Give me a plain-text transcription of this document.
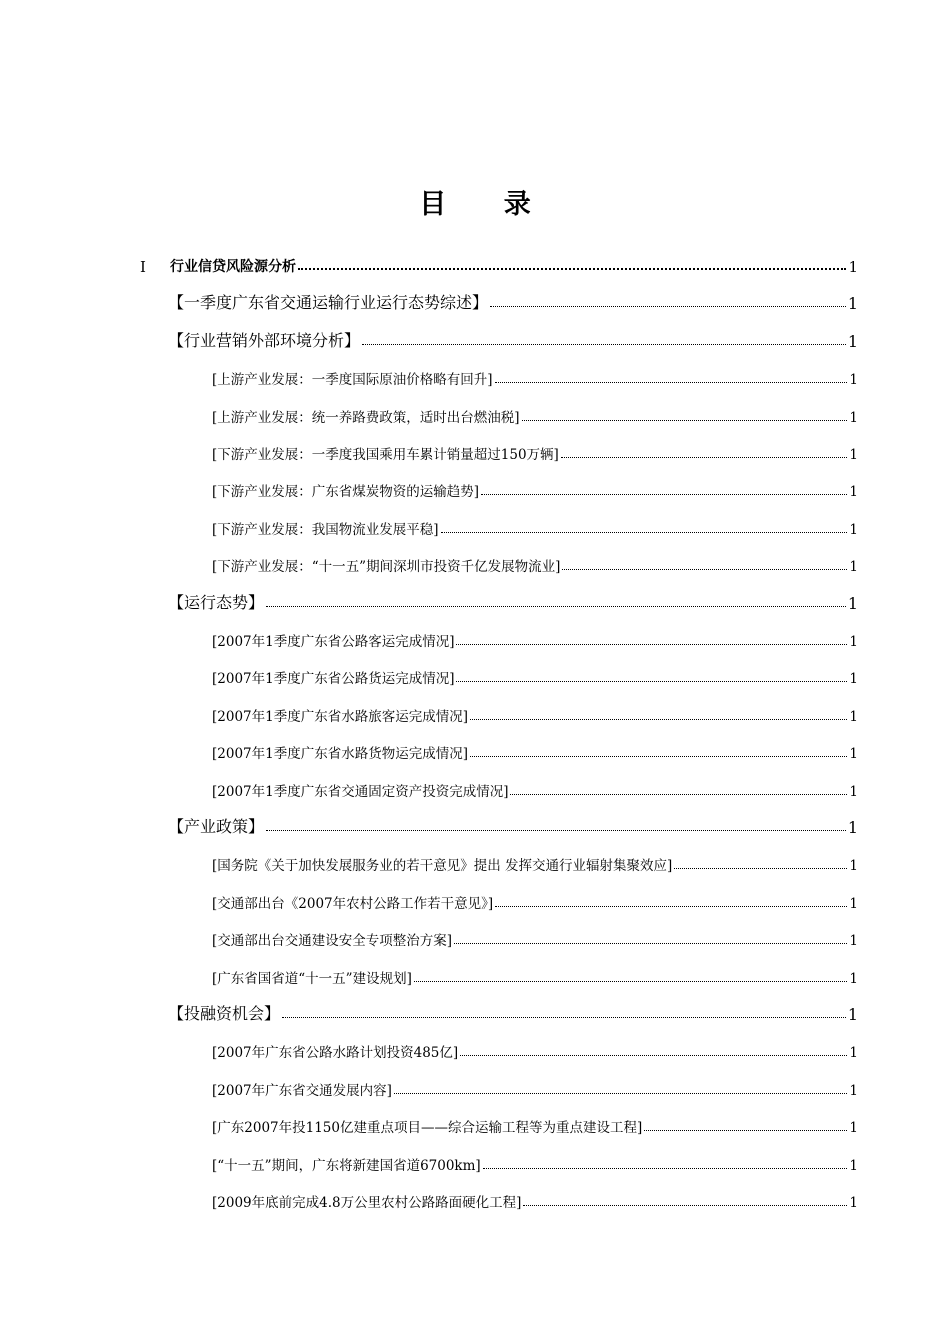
目 录
I	行业信贷风险源分析	1
【一季度广东省交通运输行业运行态势综述】	1
【行业营销外部环境分析】	1
[上游产业发展：一季度国际原油价格略有回升]	1
[上游产业发展：统一养路费政策，适时出台燃油税]	1
[下游产业发展：一季度我国乘用车累计销量超过150万辆]	1
[下游产业发展：广东省煤炭物资的运输趋势]	1
[下游产业发展：我国物流业发展平稳]	1
[下游产业发展：“十一五”期间深圳市投资千亿发展物流业]	1
【运行态势】	1
[2007年1季度广东省公路客运完成情况]	1
[2007年1季度广东省公路货运完成情况]	1
[2007年1季度广东省水路旅客运完成情况]	1
[2007年1季度广东省水路货物运完成情况]	1
[2007年1季度广东省交通固定资产投资完成情况]	1
【产业政策】	1
[国务院《关于加快发展服务业的若干意见》提出 发挥交通行业辐射集聚效应]	1
[交通部出台《2007年农村公路工作若干意见》]	1
[交通部出台交通建设安全专项整治方案]	1
[广东省国省道“十一五”建设规划]	1
【投融资机会】	1
[2007年广东省公路水路计划投资485亿]	1
[2007年广东省交通发展内容]	1
[广东2007年投1150亿建重点项目——综合运输工程等为重点建设工程]	1
[“十一五”期间，广东将新建国省道6700km]	1
[2009年底前完成4.8万公里农村公路路面硬化工程]	1
